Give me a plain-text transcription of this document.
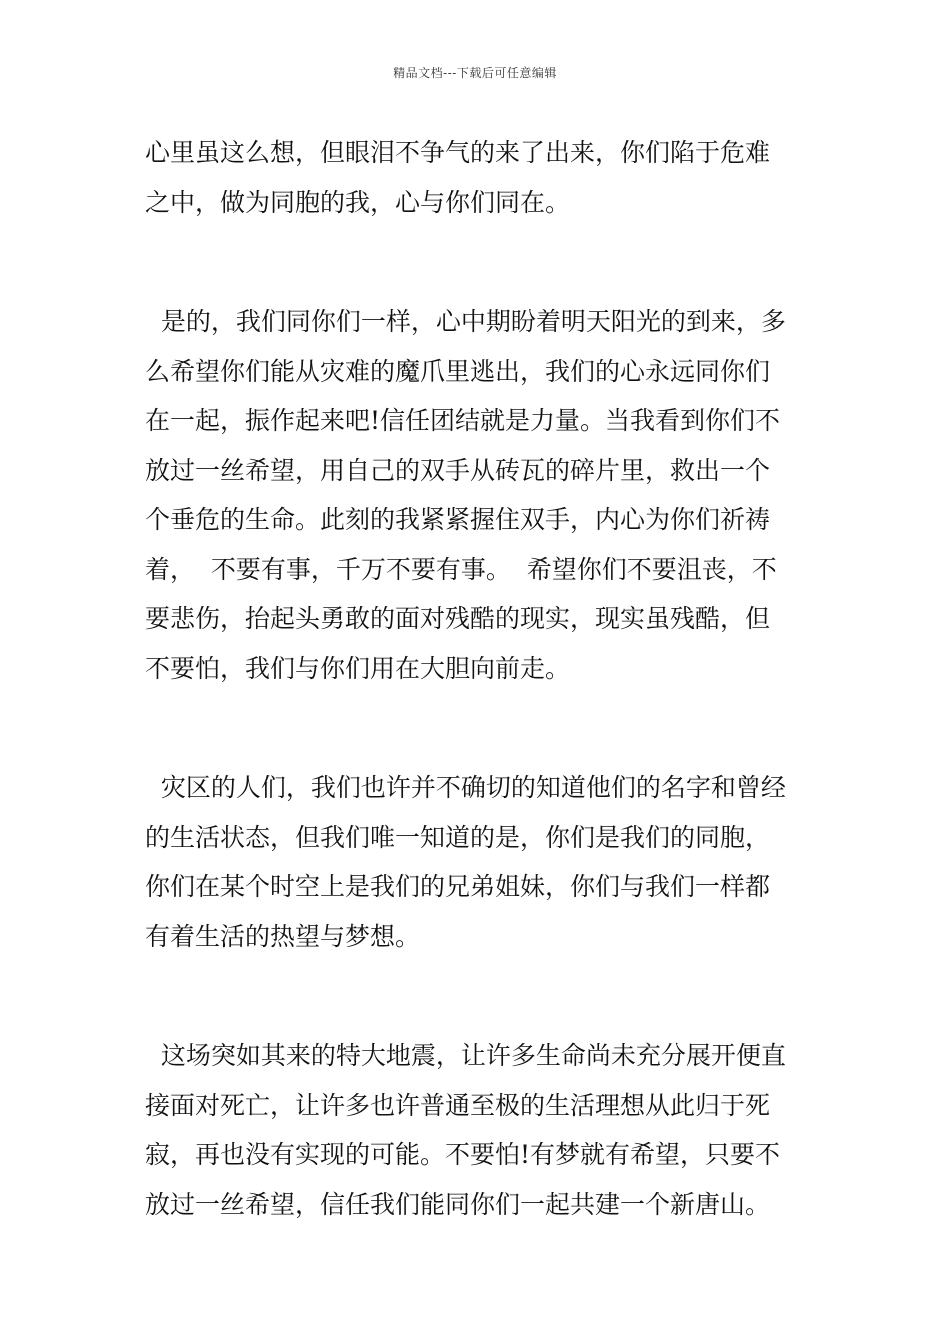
精品文档---下载后可任意编辑

心里虽这么想，但眼泪不争气的来了出来，你们陷于危难
之中，做为同胞的我，心与你们同在。

是的，我们同你们一样，心中期盼着明天阳光的到来，多
么希望你们能从灾难的魔爪里逃出，我们的心永远同你们
在一起，振作起来吧!信任团结就是力量。当我看到你们不
放过一丝希望，用自己的双手从砖瓦的碎片里，救出一个
个垂危的生命。此刻的我紧紧握住双手，内心为你们祈祷
着，  不要有事，千万不要有事。  希望你们不要沮丧，不
要悲伤，抬起头勇敢的面对残酷的现实，现实虽残酷，但
不要怕，我们与你们用在大胆向前走。

灾区的人们，我们也许并不确切的知道他们的名字和曾经
的生活状态，但我们唯一知道的是，你们是我们的同胞，
你们在某个时空上是我们的兄弟姐妹，你们与我们一样都
有着生活的热望与梦想。

这场突如其来的特大地震，让许多生命尚未充分展开便直
接面对死亡，让许多也许普通至极的生活理想从此归于死
寂，再也没有实现的可能。不要怕!有梦就有希望，只要不
放过一丝希望，信任我们能同你们一起共建一个新唐山。
